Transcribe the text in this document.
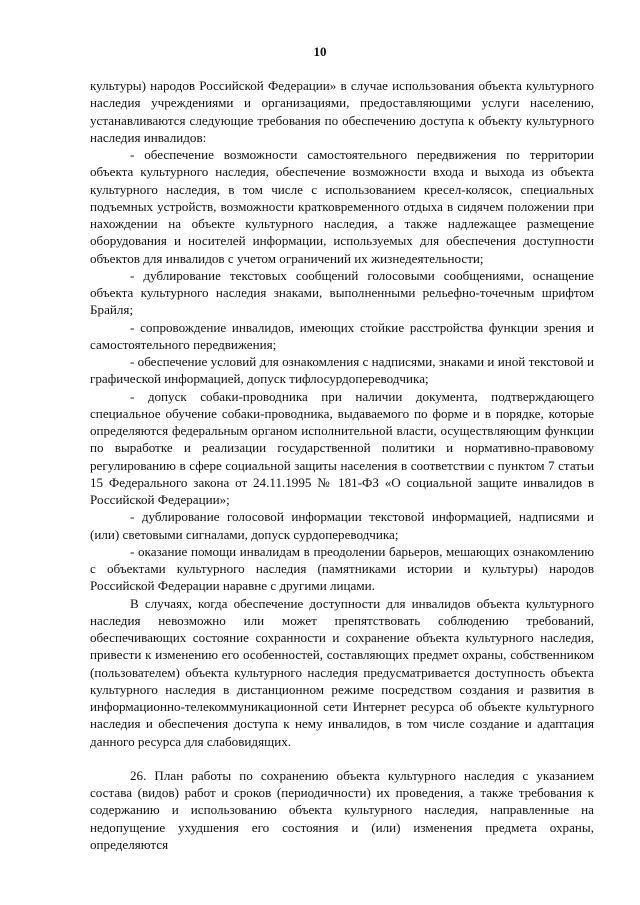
10

культуры) народов Российской Федерации» в случае использования объекта культурного наследия учреждениями и организациями, предоставляющими услуги населению, устанавливаются следующие требования по обеспечению доступа к объекту культурного наследия инвалидов:

- обеспечение возможности самостоятельного передвижения по территории объекта культурного наследия, обеспечение возможности входа и выхода из объекта культурного наследия, в том числе с использованием кресел-колясок, специальных подъемных устройств, возможности кратковременного отдыха в сидячем положении при нахождении на объекте культурного наследия, а также надлежащее размещение оборудования и носителей информации, используемых для обеспечения доступности объектов для инвалидов с учетом ограничений их жизнедеятельности;

- дублирование текстовых сообщений голосовыми сообщениями, оснащение объекта культурного наследия знаками, выполненными рельефно-точечным шрифтом Брайля;

- сопровождение инвалидов, имеющих стойкие расстройства функции зрения и самостоятельного передвижения;

- обеспечение условий для ознакомления с надписями, знаками и иной текстовой и графической информацией, допуск тифлосурдопереводчика;

- допуск собаки-проводника при наличии документа, подтверждающего специальное обучение собаки-проводника, выдаваемого по форме и в порядке, которые определяются федеральным органом исполнительной власти, осуществляющим функции по выработке и реализации государственной политики и нормативно-правовому регулированию в сфере социальной защиты населения в соответствии с пунктом 7 статьи 15 Федерального закона от 24.11.1995 № 181-ФЗ «О социальной защите инвалидов в Российской Федерации»;

- дублирование голосовой информации текстовой информацией, надписями и (или) световыми сигналами, допуск сурдопереводчика;

- оказание помощи инвалидам в преодолении барьеров, мешающих ознакомлению с объектами культурного наследия (памятниками истории и культуры) народов Российской Федерации наравне с другими лицами.

В случаях, когда обеспечение доступности для инвалидов объекта культурного наследия невозможно или может препятствовать соблюдению требований, обеспечивающих состояние сохранности и сохранение объекта культурного наследия, привести к изменению его особенностей, составляющих предмет охраны, собственником (пользователем) объекта культурного наследия предусматривается доступность объекта культурного наследия в дистанционном режиме посредством создания и развития в информационно-телекоммуникационной сети Интернет ресурса об объекте культурного наследия и обеспечения доступа к нему инвалидов, в том числе создание и адаптация данного ресурса для слабовидящих.

26. План работы по сохранению объекта культурного наследия с указанием состава (видов) работ и сроков (периодичности) их проведения, а также требования к содержанию и использованию объекта культурного наследия, направленные на недопущение ухудшения его состояния и (или) изменения предмета охраны, определяются
